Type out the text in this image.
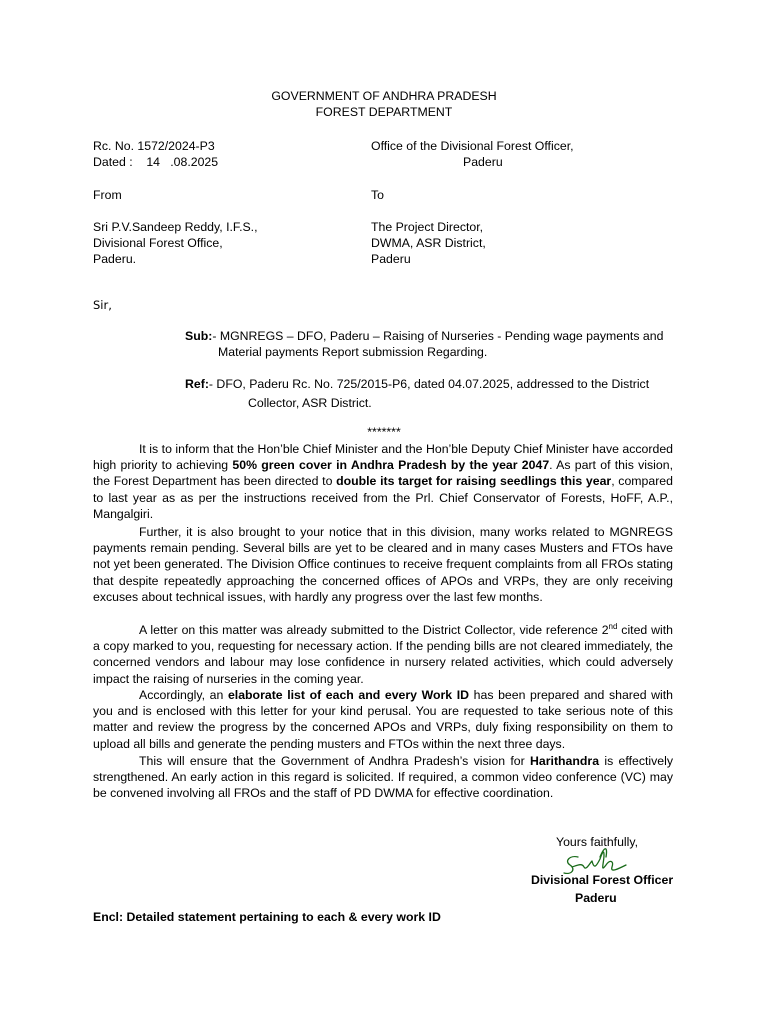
GOVERNMENT OF ANDHRA PRADESH
FOREST DEPARTMENT
Rc. No. 1572/2024-P3
Dated :    14   .08.2025
Office of the Divisional Forest Officer,
Paderu
From	To
Sri P.V.Sandeep Reddy, I.F.S.,
Divisional Forest Office,
Paderu.
The Project Director,
DWMA, ASR District,
Paderu
Sir,
Sub:- MGNREGS – DFO, Paderu – Raising of Nurseries - Pending wage payments and
Material payments Report submission Regarding.
Ref:- DFO, Paderu Rc. No. 725/2015-P6, dated 04.07.2025, addressed to the District
Collector, ASR District.
*******
It is to inform that the Hon’ble Chief Minister and the Hon’ble Deputy Chief Minister have accorded high priority to achieving 50% green cover in Andhra Pradesh by the year 2047. As part of this vision, the Forest Department has been directed to double its target for raising seedlings this year, compared to last year as as per the instructions received from the Prl. Chief Conservator of Forests, HoFF, A.P., Mangalgiri.
Further, it is also brought to your notice that in this division, many works related to MGNREGS payments remain pending. Several bills are yet to be cleared and in many cases Musters and FTOs have not yet been generated. The Division Office continues to receive frequent complaints from all FROs stating that despite repeatedly approaching the concerned offices of APOs and VRPs, they are only receiving excuses about technical issues, with hardly any progress over the last few months.
A letter on this matter was already submitted to the District Collector, vide reference 2nd cited with a copy marked to you, requesting for necessary action. If the pending bills are not cleared immediately, the concerned vendors and labour may lose confidence in nursery related activities, which could adversely impact the raising of nurseries in the coming year.
Accordingly, an elaborate list of each and every Work ID has been prepared and shared with you and is enclosed with this letter for your kind perusal. You are requested to take serious note of this matter and review the progress by the concerned APOs and VRPs, duly fixing responsibility on them to upload all bills and generate the pending musters and FTOs within the next three days.
This will ensure that the Government of Andhra Pradesh’s vision for Harithandra is effectively strengthened. An early action in this regard is solicited. If required, a common video conference (VC) may be convened involving all FROs and the staff of PD DWMA for effective coordination.
Yours faithfully,
Divisional Forest Officer
Paderu
Encl: Detailed statement pertaining to each & every work ID
